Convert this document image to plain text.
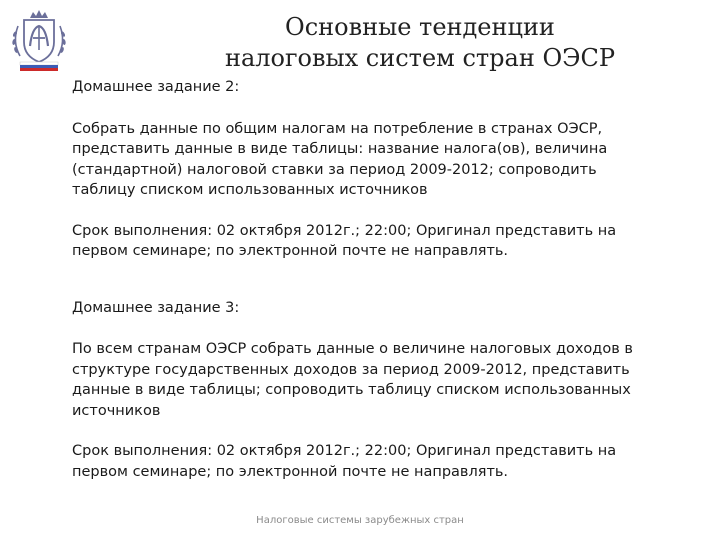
Основные тенденции
налоговых систем стран ОЭСР

Домашнее задание 2:

Собрать данные по общим налогам на потребление в странах ОЭСР,
представить данные в виде таблицы: название налога(ов), величина
(стандартной) налоговой ставки за период 2009-2012; сопроводить
таблицу списком использованных источников
Срок выполнения: 02 октября 2012г.; 22:00; Оригинал представить на
первом семинаре; по электронной почте не направлять.

Домашнее задание 3:

По всем странам ОЭСР собрать данные о величине налоговых доходов в
структуре государственных доходов за период 2009-2012, представить
данные в виде таблицы; сопроводить таблицу списком использованных
источников
Срок выполнения: 02 октября 2012г.; 22:00; Оригинал представить на
первом семинаре; по электронной почте не направлять.
Налоговые системы зарубежных стран
